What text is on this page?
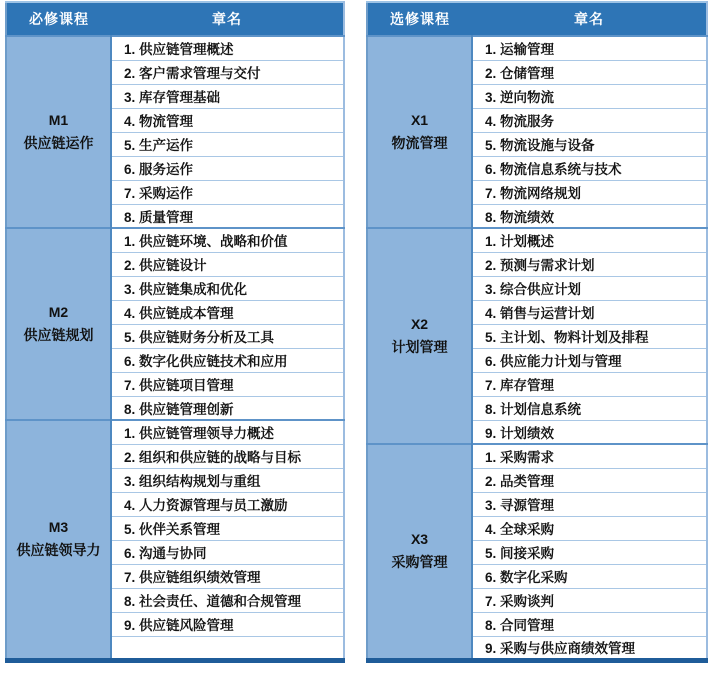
必修课程	章名

M1
供应链运作	1. 供应链管理概述
	2. 客户需求管理与交付
	3. 库存管理基础
	4. 物流管理
	5. 生产运作
	6. 服务运作
	7. 采购运作
	8. 质量管理

M2
供应链规划	1. 供应链环境、战略和价值
	2. 供应链设计
	3. 供应链集成和优化
	4. 供应链成本管理
	5. 供应链财务分析及工具
	6. 数字化供应链技术和应用
	7. 供应链项目管理
	8. 供应链管理创新

M3
供应链领导力	1. 供应链管理领导力概述
	2. 组织和供应链的战略与目标
	3. 组织结构规划与重组
	4. 人力资源管理与员工激励
	5. 伙伴关系管理
	6. 沟通与协同
	7. 供应链组织绩效管理
	8. 社会责任、道德和合规管理
	9. 供应链风险管理

选修课程	章名

X1
物流管理	1. 运输管理
	2. 仓储管理
	3. 逆向物流
	4. 物流服务
	5. 物流设施与设备
	6. 物流信息系统与技术
	7. 物流网络规划
	8. 物流绩效

X2
计划管理	1. 计划概述
	2. 预测与需求计划
	3. 综合供应计划
	4. 销售与运营计划
	5. 主计划、物料计划及排程
	6. 供应能力计划与管理
	7. 库存管理
	8. 计划信息系统
	9. 计划绩效

X3
采购管理	1. 采购需求
	2. 品类管理
	3. 寻源管理
	4. 全球采购
	5. 间接采购
	6. 数字化采购
	7. 采购谈判
	8. 合同管理
	9. 采购与供应商绩效管理
